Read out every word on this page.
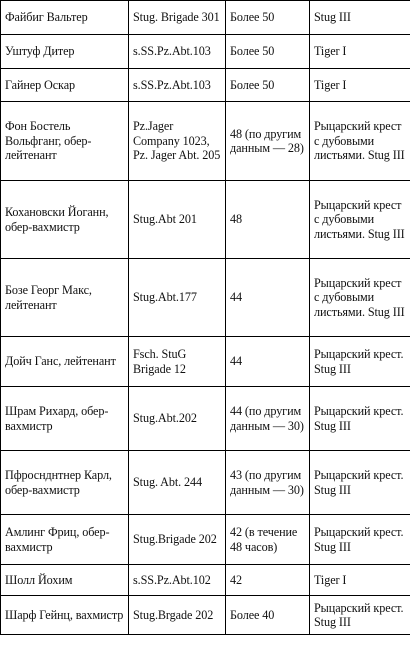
Файбиг Вальтер	Stug. Brigade 301	Более 50	Stug III
Уштуф Дитер	s.SS.Pz.Abt.103	Более 50	Tiger I
Гайнер Оскар	s.SS.Pz.Abt.103	Более 50	Tiger I
Фон Бостель Вольфганг, обер-лейтенант	Pz.Jager Company 1023, Pz. Jager Abt. 205	48 (по другим данным — 28)	Рыцарский крест с дубовыми листьями. Stug III
Кохановски Йоганн, обер-вахмистр	Stug.Abt 201	48	Рыцарский крест с дубовыми листьями. Stug III
Бозе Георг Макс, лейтенант	Stug.Abt.177	44	Рыцарский крест с дубовыми листьями. Stug III
Дойч Ганс, лейтенант	Fsch. StuG Brigade 12	44	Рыцарский крест. Stug III
Шрам Рихард, обер-вахмистр	Stug.Abt.202	44 (по другим данным — 30)	Рыцарский крест. Stug III
Пфроснднтнер Карл, обер-вахмистр	Stug. Abt. 244	43 (по другим данным — 30)	Рыцарский крест. Stug III
Амлинг Фриц, обер-вахмистр	Stug.Brigade 202	42 (в течение 48 часов)	Рыцарский крест. Stug III
Шолл Йохим	s.SS.Pz.Abt.102	42	Tiger I
Шарф Гейнц, вахмистр	Stug.Brgade 202	Более 40	Рыцарский крест. Stug III
